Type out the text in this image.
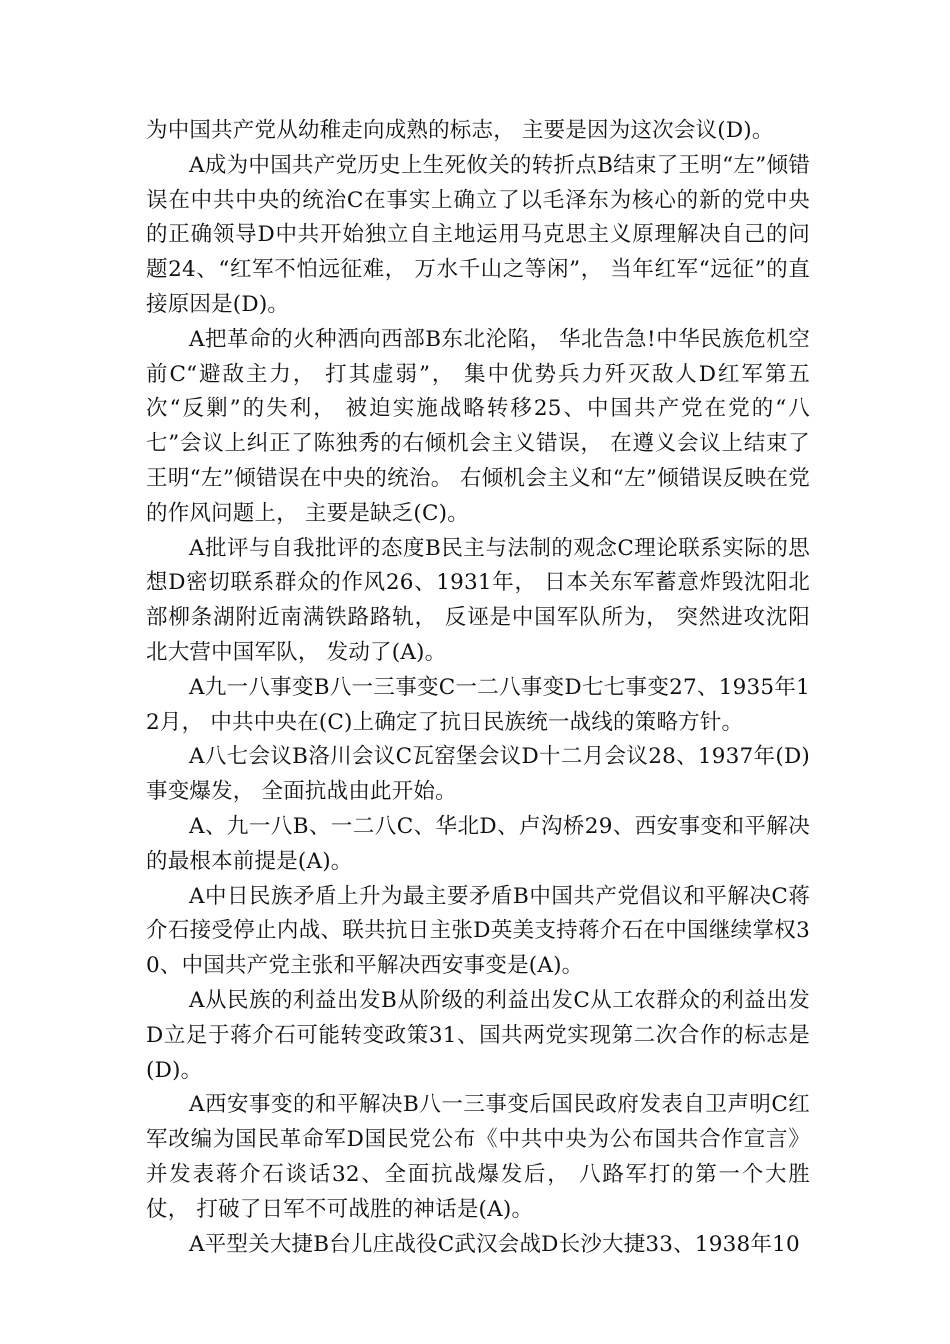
为中国共产党从幼稚走向成熟的标志， 主要是因为这次会议(D)。

A成为中国共产党历史上生死攸关的转折点B结束了王明“左”倾错误在中共中央的统治C在事实上确立了以毛泽东为核心的新的党中央的正确领导D中共开始独立自主地运用马克思主义原理解决自己的问题24、“红军不怕远征难， 万水千山之等闲”， 当年红军“远征”的直接原因是(D)。

A把革命的火种洒向西部B东北沦陷， 华北告急!中华民族危机空前C“避敌主力， 打其虚弱”， 集中优势兵力歼灭敌人D红军第五次“反剿”的失利， 被迫实施战略转移25、中国共产党在党的“八七”会议上纠正了陈独秀的右倾机会主义错误， 在遵义会议上结束了王明“左”倾错误在中央的统治。 右倾机会主义和“左”倾错误反映在党的作风问题上， 主要是缺乏(C)。

A批评与自我批评的态度B民主与法制的观念C理论联系实际的思想D密切联系群众的作风26、1931年， 日本关东军蓄意炸毁沈阳北部柳条湖附近南满铁路路轨， 反诬是中国军队所为， 突然进攻沈阳北大营中国军队， 发动了(A)。

A九一八事变B八一三事变C一二八事变D七七事变27、1935年12月， 中共中央在(C)上确定了抗日民族统一战线的策略方针。

A八七会议B洛川会议C瓦窑堡会议D十二月会议28、1937年(D)事变爆发， 全面抗战由此开始。

A、九一八B、一二八C、华北D、卢沟桥29、西安事变和平解决的最根本前提是(A)。

A中日民族矛盾上升为最主要矛盾B中国共产党倡议和平解决C蒋介石接受停止内战、联共抗日主张D英美支持蒋介石在中国继续掌权30、中国共产党主张和平解决西安事变是(A)。

A从民族的利益出发B从阶级的利益出发C从工农群众的利益出发D立足于蒋介石可能转变政策31、国共两党实现第二次合作的标志是(D)。

A西安事变的和平解决B八一三事变后国民政府发表自卫声明C红军改编为国民革命军D国民党公布《中共中央为公布国共合作宣言》并发表蒋介石谈话32、全面抗战爆发后， 八路军打的第一个大胜仗， 打破了日军不可战胜的神话是(A)。

A平型关大捷B台儿庄战役C武汉会战D长沙大捷33、1938年10
